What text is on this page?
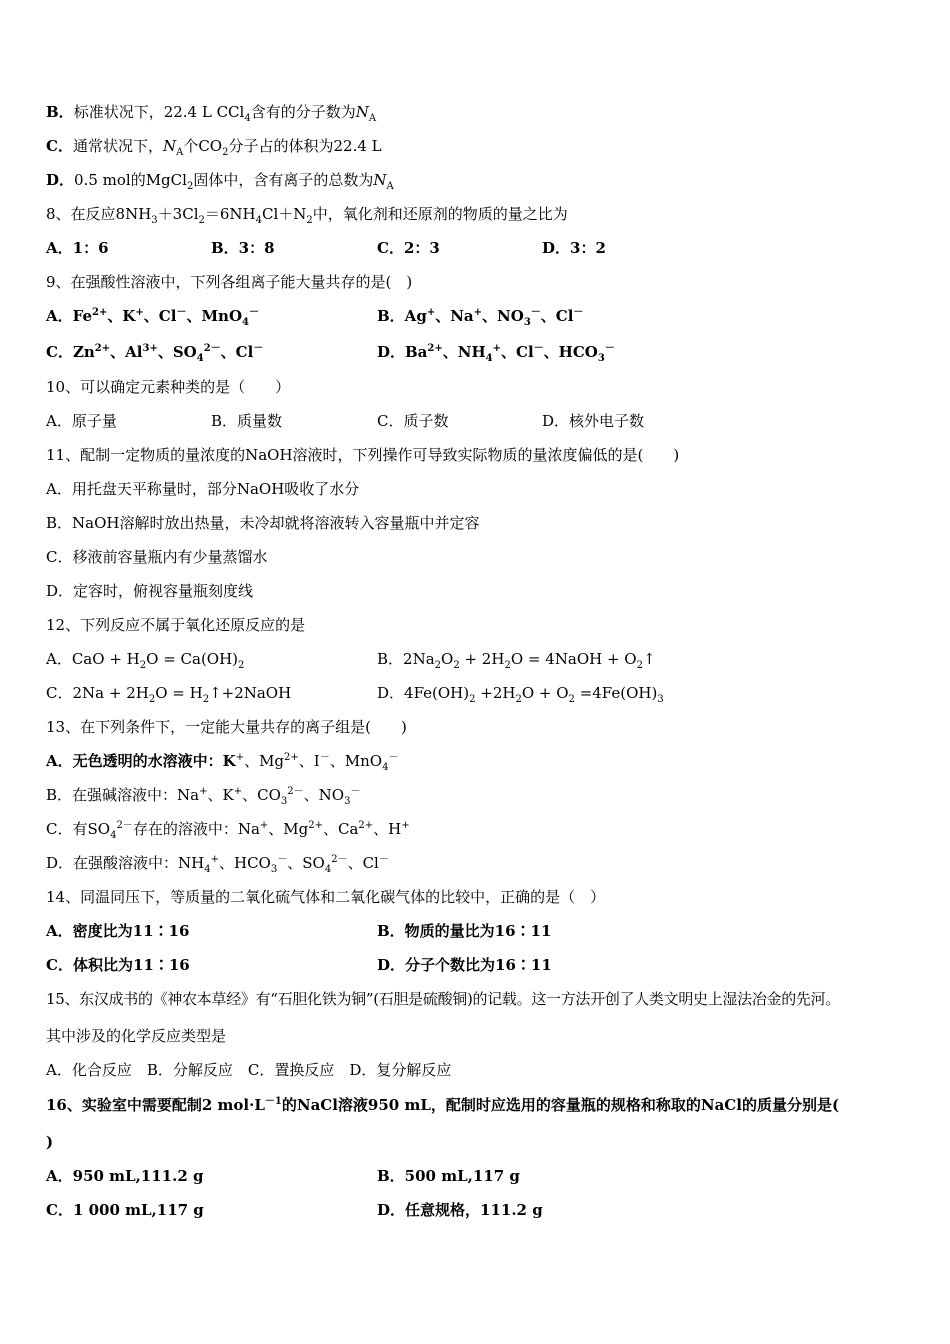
B．标准状况下，22.4 L CCl$_4$含有的分子数为$N_A$
C．通常状况下，$N_A$个$CO_2$分子占的体积为22.4 L
D．0.5 mol的MgCl$_2$固体中，含有离子的总数为$N_A$
8、在反应$8NH_3+3Cl_2=6NH_4Cl+N_2$中，氧化剂和还原剂的物质的量之比为
A．1：6	B．3：8	C．2：3	D．3：2
9、在强酸性溶液中，下列各组离子能大量共存的是(　)
A．$Fe^{2+}$、K+、Cl－、MnO$_4$－	B．Ag+、Na+、$NO_3^-$、Cl－
C．$Zn^{2+}$、$Al^{3+}$、$SO_4^{2-}$、Cl－	D．$Ba^{2+}$、$NH_4^+$、Cl－、$HCO_3^-$
10、可以确定元素种类的是（　　）
A．原子量	B．质量数	C．质子数	D．核外电子数
11、配制一定物质的量浓度的NaOH溶液时，下列操作可导致实际物质的量浓度偏低的是(　　)
A．用托盘天平称量时，部分NaOH吸收了水分
B．NaOH溶解时放出热量，未冷却就将溶液转入容量瓶中并定容
C．移液前容量瓶内有少量蒸馏水
D．定容时，俯视容量瓶刻度线
12、下列反应不属于氧化还原反应的是
A．CaO + $H_2O = Ca(OH)_2$	B．$2Na_2O_2 + 2H_2O$ = 4NaOH + $O_2↑$
C．$2Na + 2H_2O$ = $H_2↑+2NaOH$	D．$4Fe(OH)_2 +2H_2O + O_2 =4Fe(OH)_3$
13、在下列条件下，一定能大量共存的离子组是(　　)
A．无色透明的水溶液中：K+、$Mg^{2+}$、I－、MnO$_4$－
B．在强碱溶液中：Na+、K+、$CO_3^{2-}$、$NO_3^-$
C．有$SO_4^{2-}$存在的溶液中：Na+、$Mg^{2+}$、$Ca^{2+}$、H+
D．在强酸溶液中：$NH_4^+$、$HCO_3^-$、$SO_4^{2-}$、Cl－
14、同温同压下，等质量的二氧化硫气体和二氧化碳气体的比较中，正确的是（　）
A．密度比为11∶16	B．物质的量比为16∶11
C．体积比为11∶16	D．分子个数比为16∶11
15、东汉成书的《神农本草经》有“石胆化铁为铜”(石胆是硫酸铜)的记载。这一方法开创了人类文明史上湿法冶金的先河。
其中涉及的化学反应类型是
A．化合反应　B．分解反应　C．置换反应　D．复分解反应
16、实验室中需要配制2 $mol\cdot L^{-1}$的NaCl溶液950 mL，配制时应选用的容量瓶的规格和称取的NaCl的质量分别是(
)
A．950 mL,111.2 g	B．500 mL,117 g
C．1 000 mL,117 g	D．任意规格，111.2 g
